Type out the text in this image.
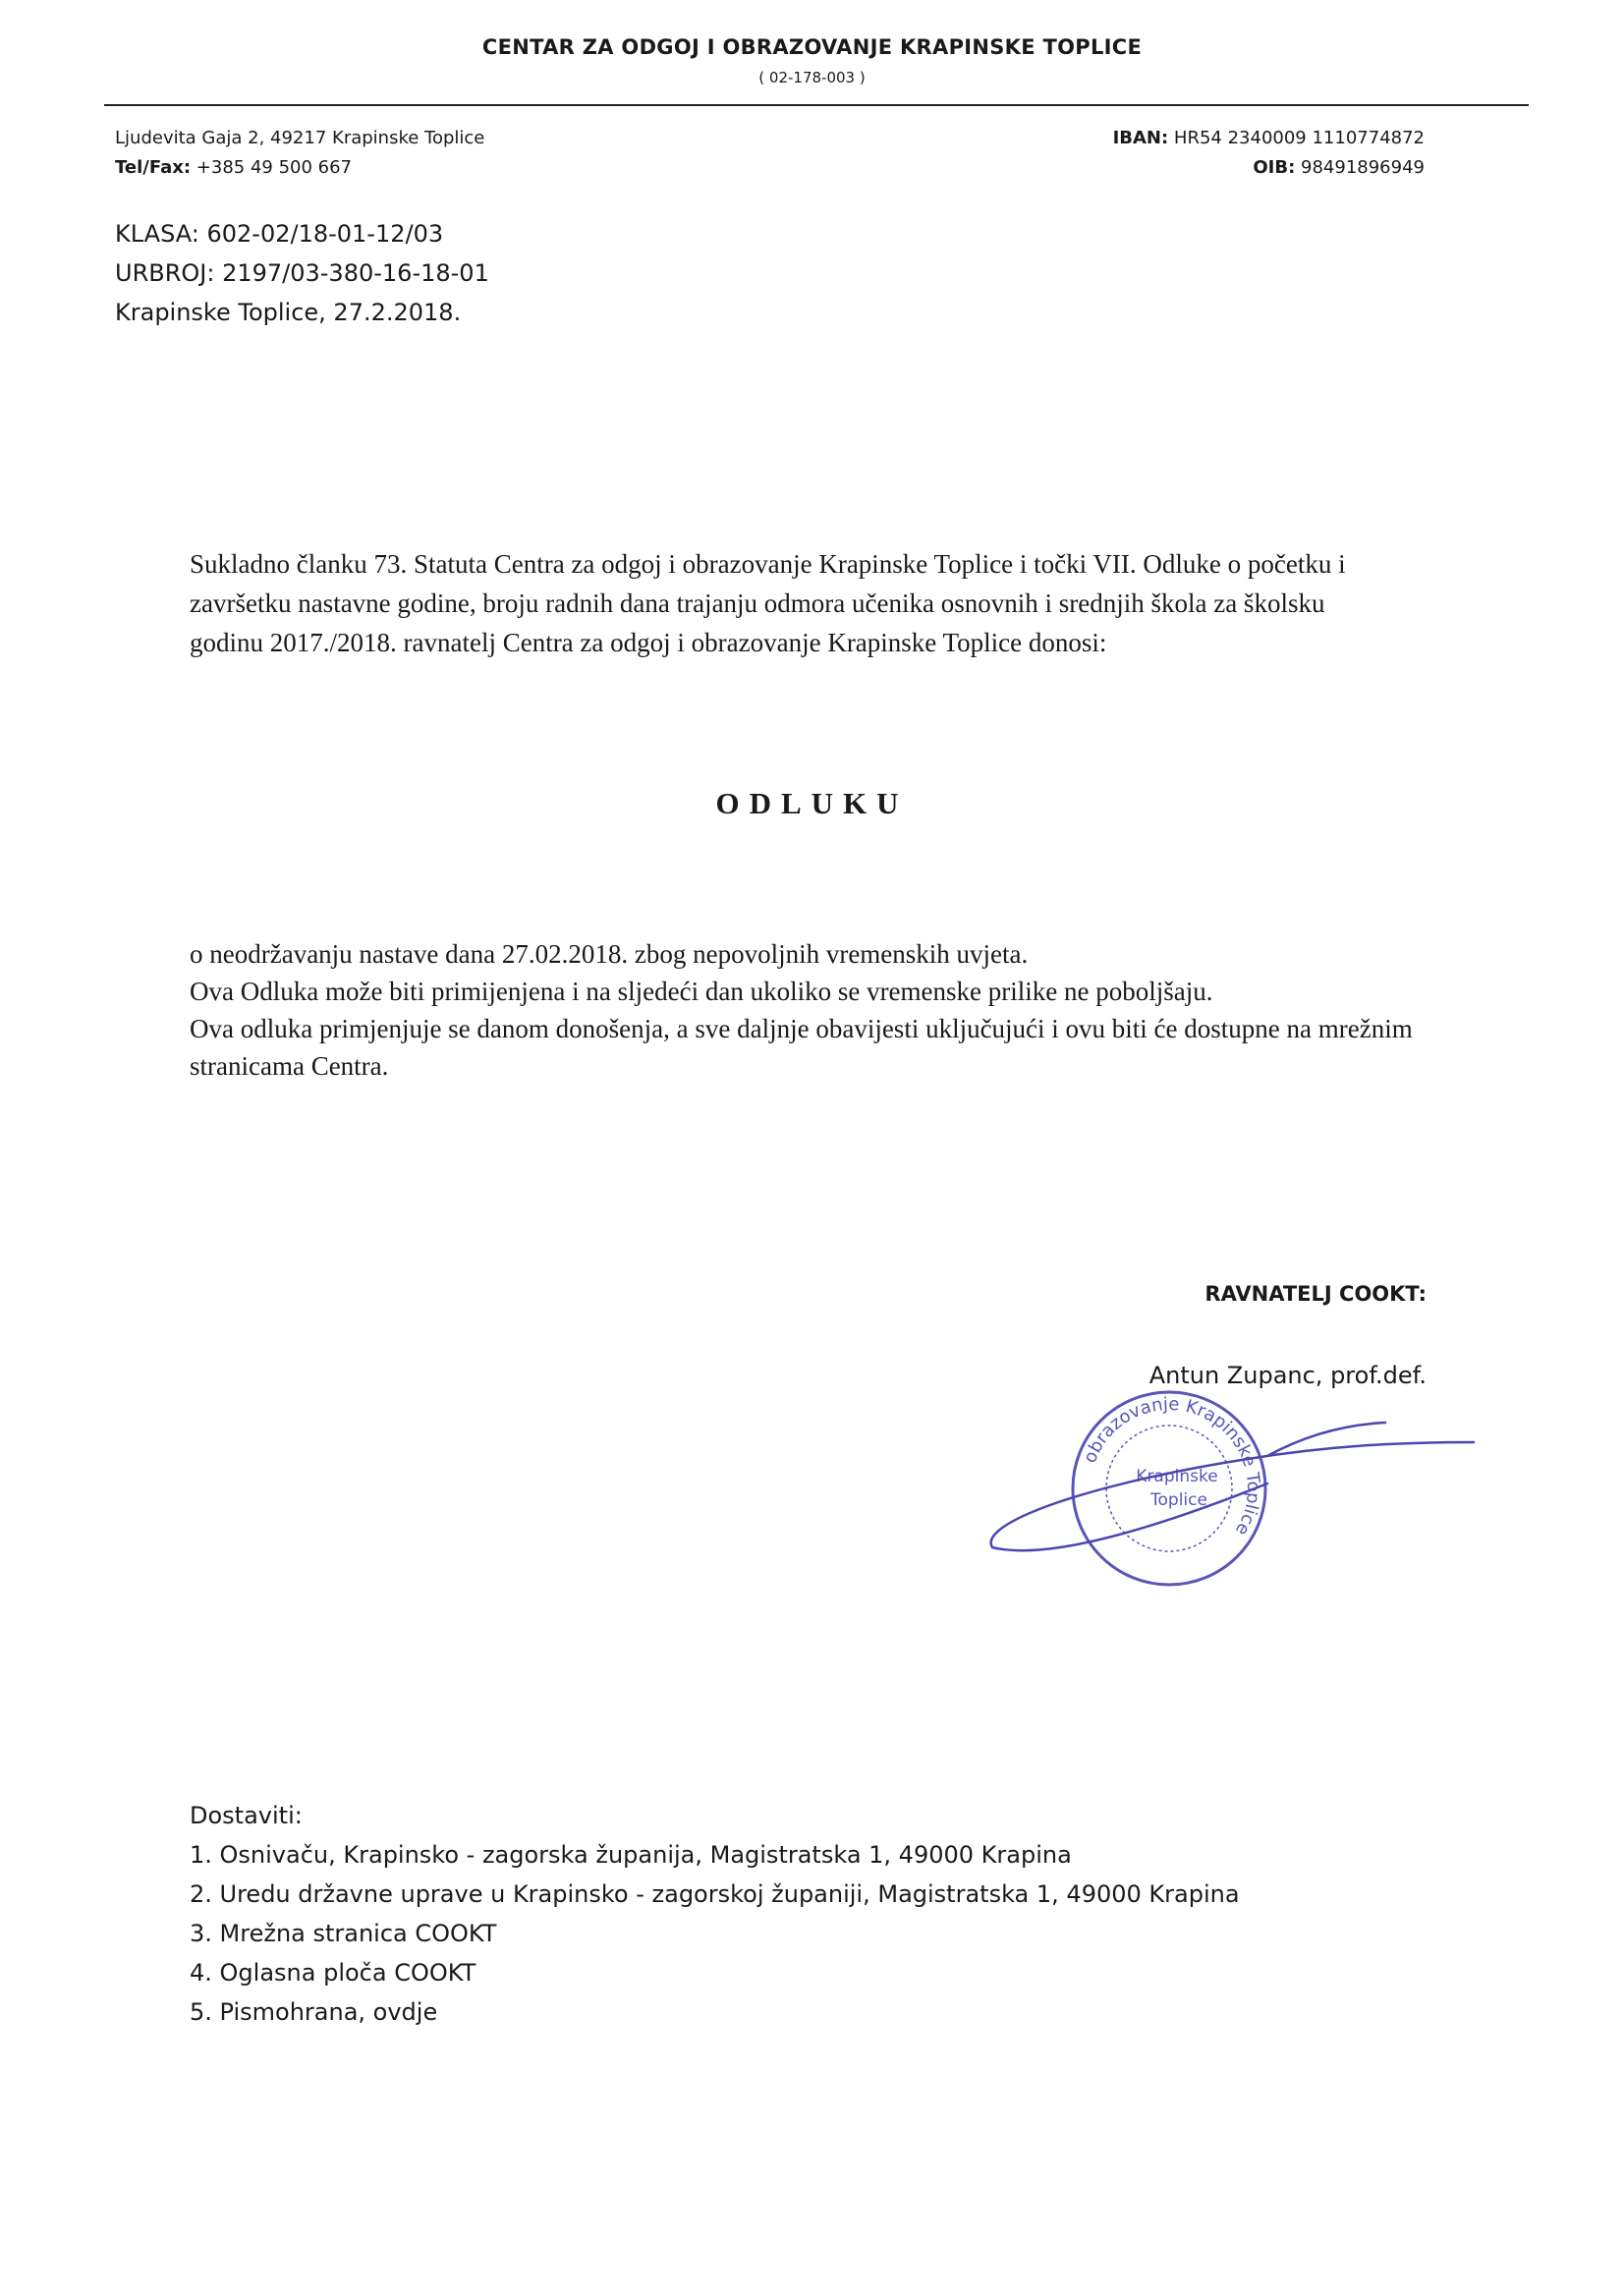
CENTAR ZA ODGOJ I OBRAZOVANJE KRAPINSKE TOPLICE
( 02-178-003 )
Ljudevita Gaja 2, 49217 Krapinske Toplice
Tel/Fax: +385 49 500 667
IBAN: HR54 2340009 1110774872
OIB: 98491896949
KLASA: 602-02/18-01-12/03
URBROJ: 2197/03-380-16-18-01
Krapinske Toplice, 27.2.2018.
Sukladno članku 73. Statuta Centra za odgoj i obrazovanje Krapinske Toplice i točki VII. Odluke o početku i završetku nastavne godine, broju radnih dana trajanju odmora učenika osnovnih i srednjih škola za školsku godinu 2017./2018. ravnatelj Centra za odgoj i obrazovanje Krapinske Toplice donosi:
ODLUKU

o neodržavanju nastave dana 27.02.2018. zbog nepovoljnih vremenskih uvjeta.

Ova Odluka može biti primijenjena i na sljedeći dan ukoliko se vremenske prilike ne poboljšaju.

Ova odluka primjenjuje se danom donošenja, a sve daljnje obavijesti uključujući i ovu biti će dostupne na mrežnim stranicama Centra.

RAVNATELJ COOKT:
Antun Zupanc, prof.def.
obrazovanje Krapinske Toplice
Krapinske
Toplice
Dostaviti:
1. Osnivaču, Krapinsko - zagorska županija, Magistratska 1, 49000 Krapina
2. Uredu državne uprave u Krapinsko - zagorskoj županiji, Magistratska 1, 49000 Krapina
3. Mrežna stranica COOKT
4. Oglasna ploča COOKT
5. Pismohrana, ovdje
